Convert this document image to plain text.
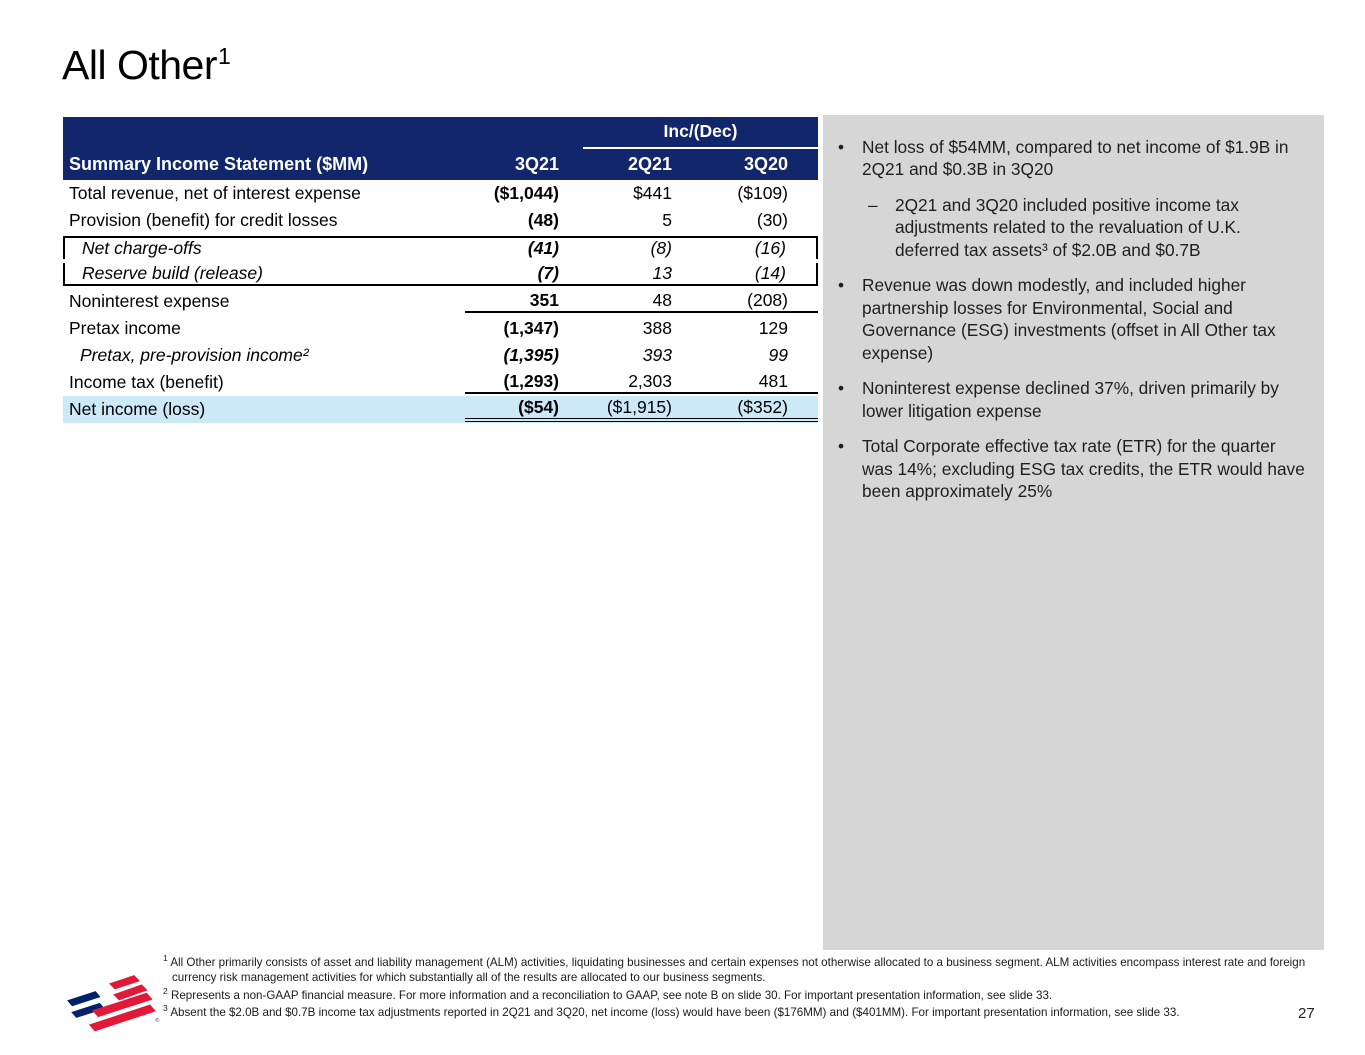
All Other$^1$
Inc/(Dec)
Summary Income Statement ($MM)	3Q21	2Q21	3Q20
Total revenue, net of interest expense	($1,044)	$441	($109)
Provision (benefit) for credit losses	(48)	5	(30)
Net charge-offs	(41)	(8)	(16)
Reserve build (release)	(7)	13	(14)
Noninterest expense	351	48	(208)
Pretax income	(1,347)	388	129
Pretax, pre-provision income²	(1,395)	393	99
Income tax (benefit)	(1,293)	2,303	481
Net income (loss)	($54)	($1,915)	($352)
•	Net loss of $54MM, compared to net income of $1.9B in 2Q21 and $0.3B in 3Q20
–	2Q21 and 3Q20 included positive income tax adjustments related to the revaluation of U.K. deferred tax assets³ of $2.0B and $0.7B
•	Revenue was down modestly, and included higher partnership losses for Environmental, Social and Governance (ESG) investments (offset in All Other tax expense)
•	Noninterest expense declined 37%, driven primarily by lower litigation expense
•	Total Corporate effective tax rate (ETR) for the quarter was 14%; excluding ESG tax credits, the ETR would have been approximately 25%
$^1$ All Other primarily consists of asset and liability management (ALM) activities, liquidating businesses and certain expenses not otherwise allocated to a business segment. ALM activities encompass interest rate and foreign currency risk management activities for which substantially all of the results are allocated to our business segments.
$^2$ Represents a non-GAAP financial measure. For more information and a reconciliation to GAAP, see note B on slide 30. For important presentation information, see slide 33.
$^3$ Absent the $2.0B and $0.7B income tax adjustments reported in 2Q21 and 3Q20, net income (loss) would have been ($176MM) and ($401MM). For important presentation information, see slide 33.
®	27
